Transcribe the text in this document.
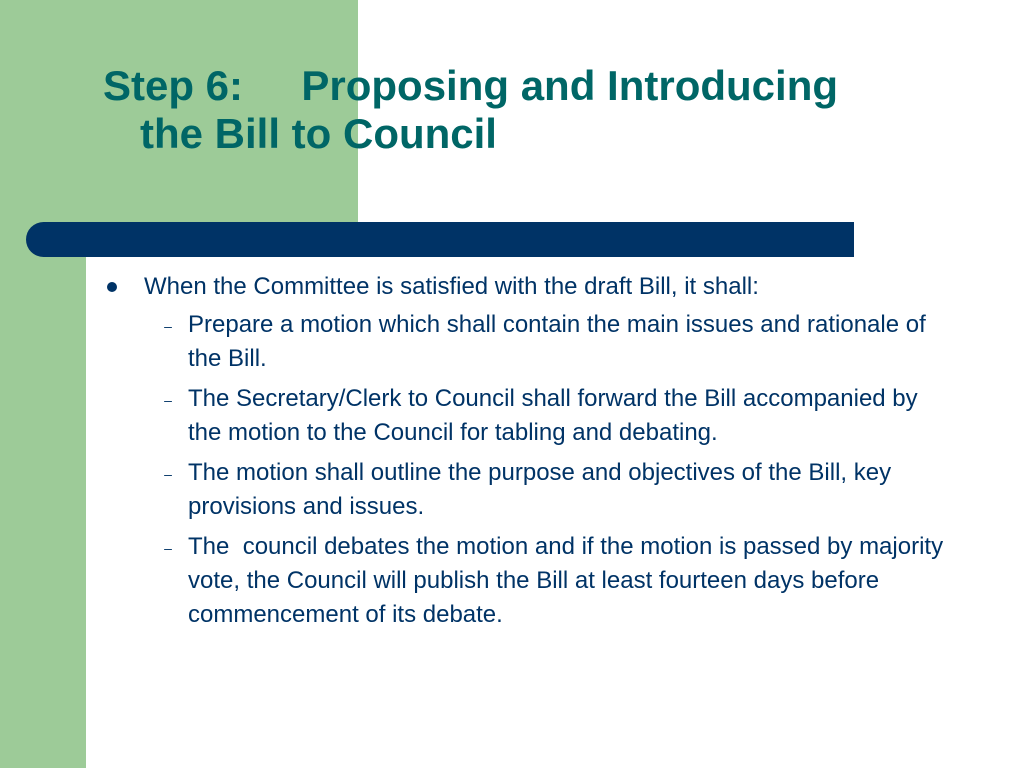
Step 6:     Proposing and Introducing
the Bill to Council
When the Committee is satisfied with the draft Bill, it shall:
– Prepare a motion which shall contain the main issues and rationale of the Bill.
– The Secretary/Clerk to Council shall forward the Bill accompanied by the motion to the Council for tabling and debating.
– The motion shall outline the purpose and objectives of the Bill, key provisions and issues.
– The  council debates the motion and if the motion is passed by majority vote, the Council will publish the Bill at least fourteen days before commencement of its debate.
